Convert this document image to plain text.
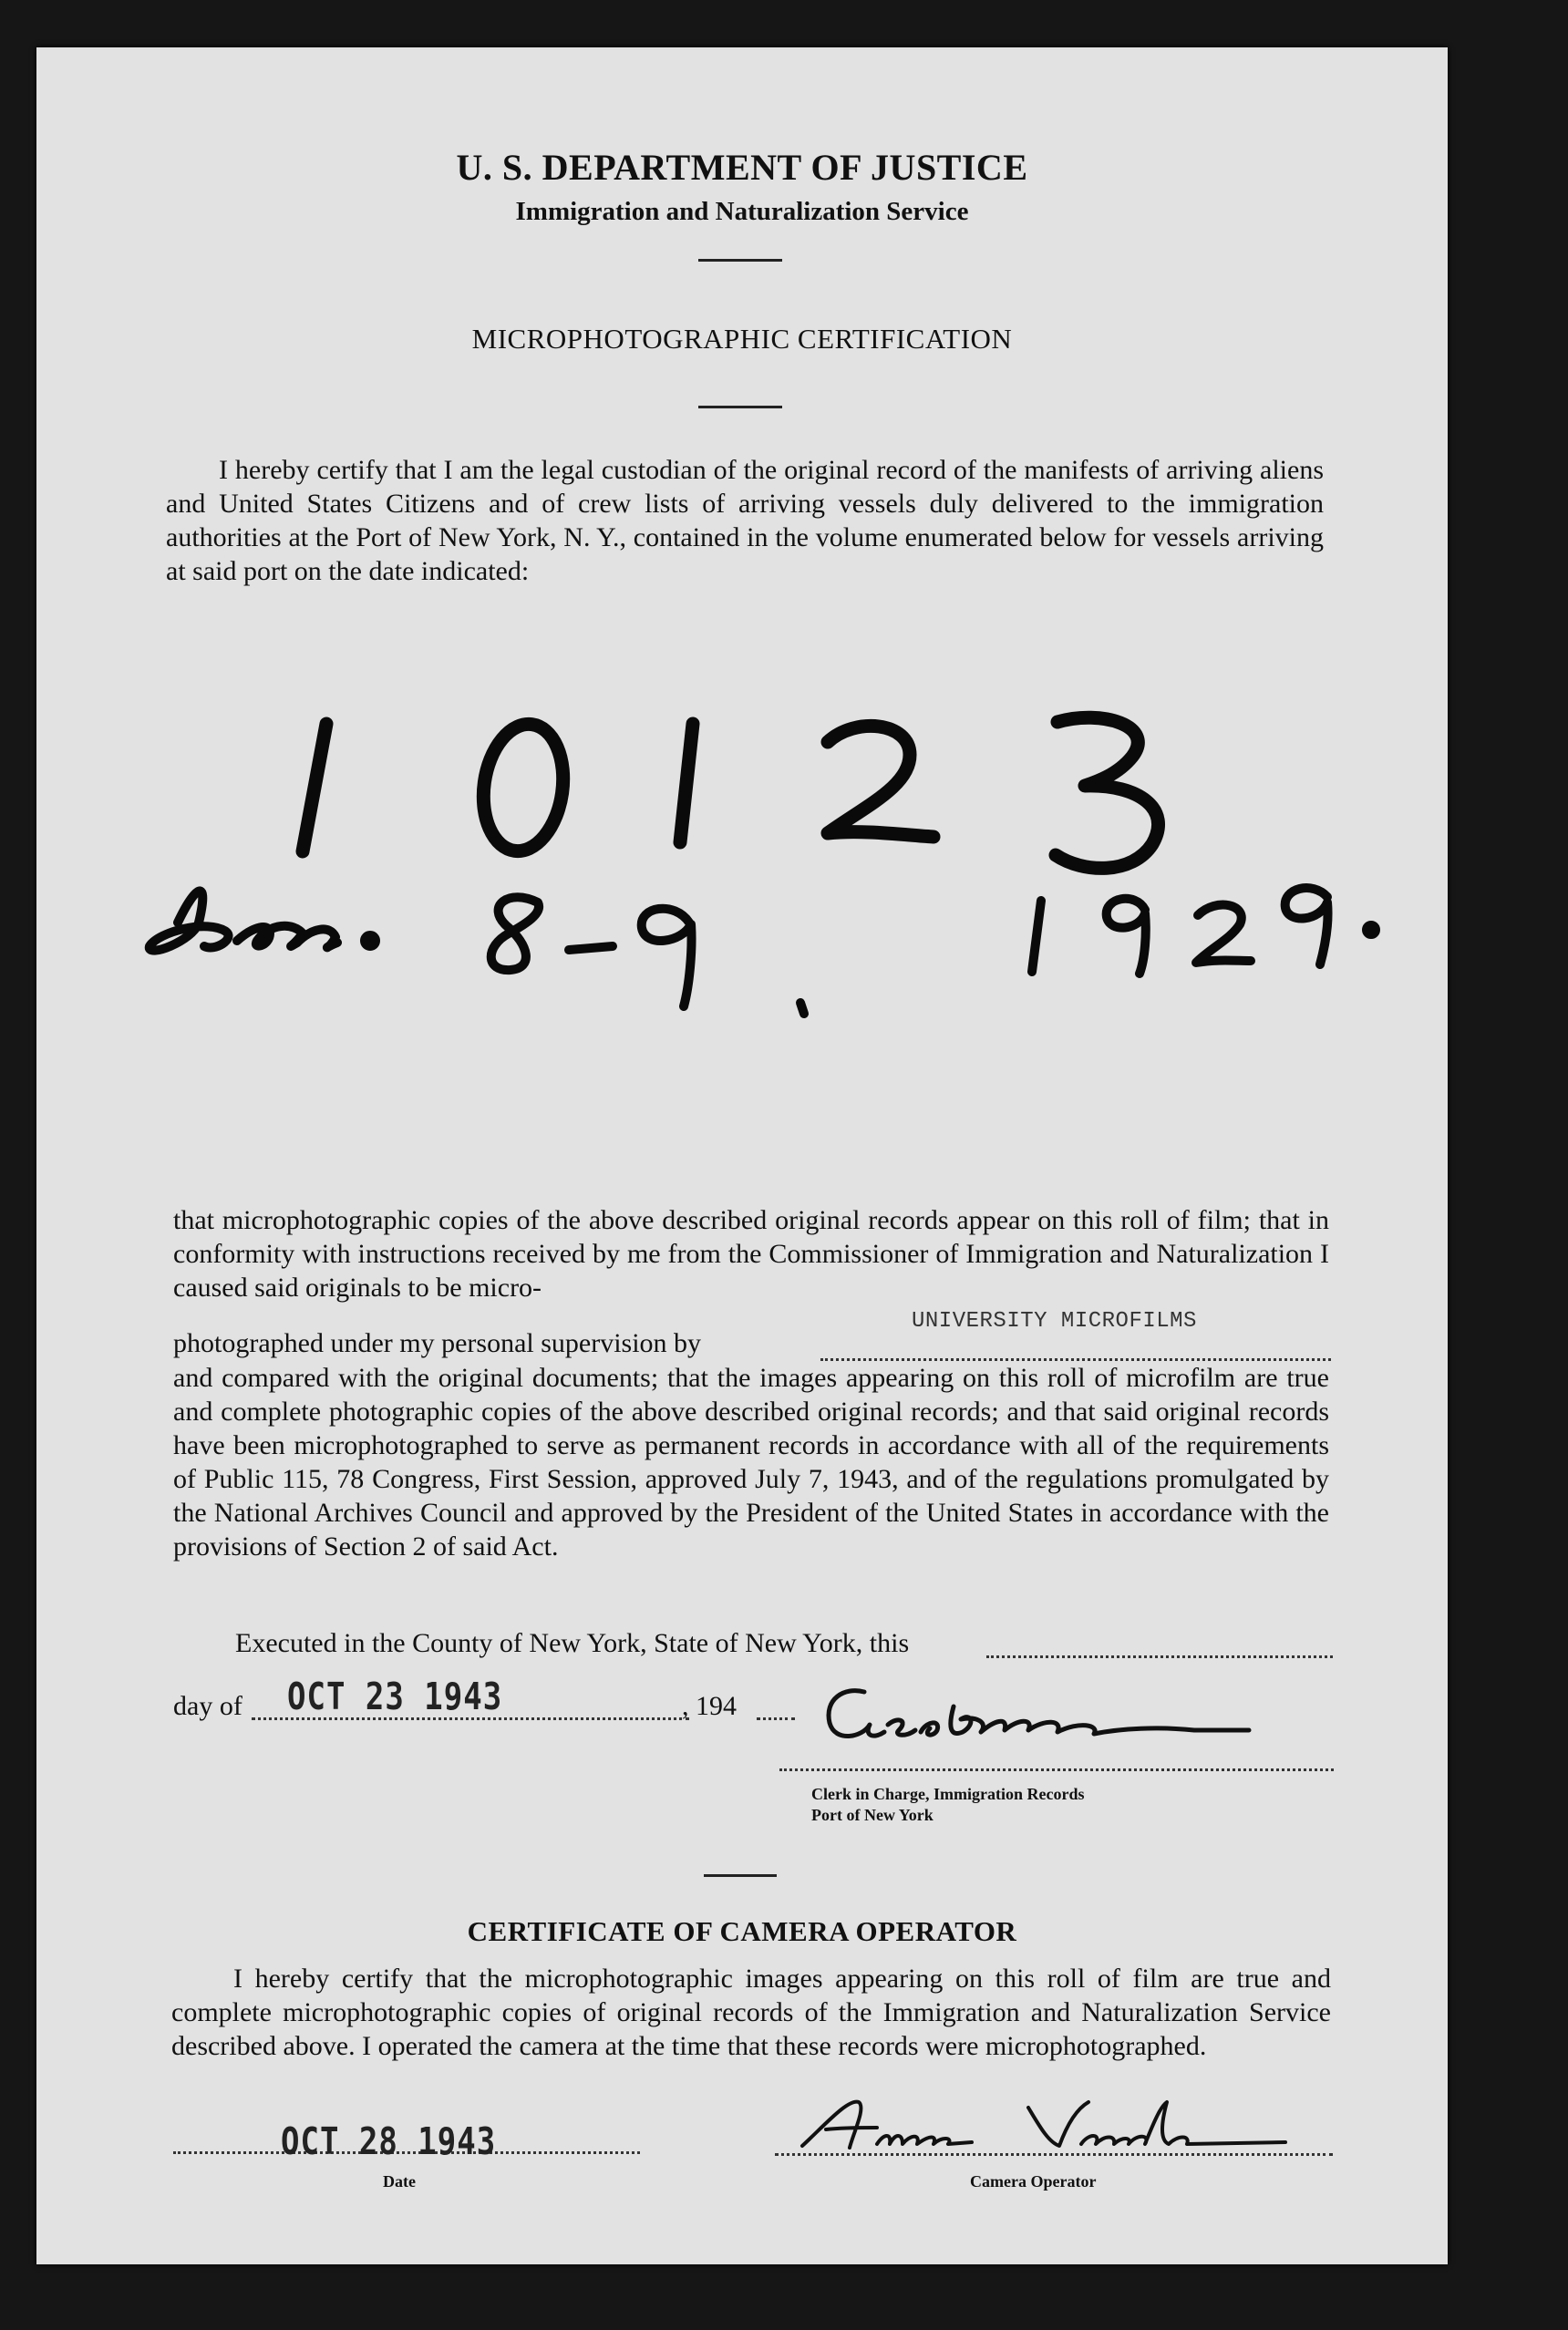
U. S. DEPARTMENT OF JUSTICE
Immigration and Naturalization Service
MICROPHOTOGRAPHIC CERTIFICATION
I hereby certify that I am the legal custodian of the original record of the manifests of arriving aliens and United States Citizens and of crew lists of arriving vessels duly delivered to the immigration authorities at the Port of New York, N. Y., contained in the volume enumerated below for vessels arriving at said port on the date indicated:
that microphotographic copies of the above described original records appear on this roll of film; that in conformity with instructions received by me from the Commissioner of Immigration and Naturalization I caused said originals to be micro-
photographed under my personal supervision by
UNIVERSITY MICROFILMS
and compared with the original documents; that the images appearing on this roll of microfilm are true and complete photographic copies of the above described original records; and that said original records have been microphotographed to serve as permanent records in accordance with all of the requirements of Public 115, 78 Congress, First Session, approved July 7, 1943, and of the regulations promulgated by the National Archives Council and approved by the President of the United States in accordance with the provisions of Section 2 of said Act.
Executed in the County of New York, State of New York, this
day of OCT 23 1943	, 194
Clerk in Charge, Immigration Records
Port of New York
CERTIFICATE OF CAMERA OPERATOR
I hereby certify that the microphotographic images appearing on this roll of film are true and complete microphotographic copies of original records of the Immigration and Naturalization Service described above. I operated the camera at the time that these records were microphotographed.
OCT 28 1943
Date	Camera Operator
